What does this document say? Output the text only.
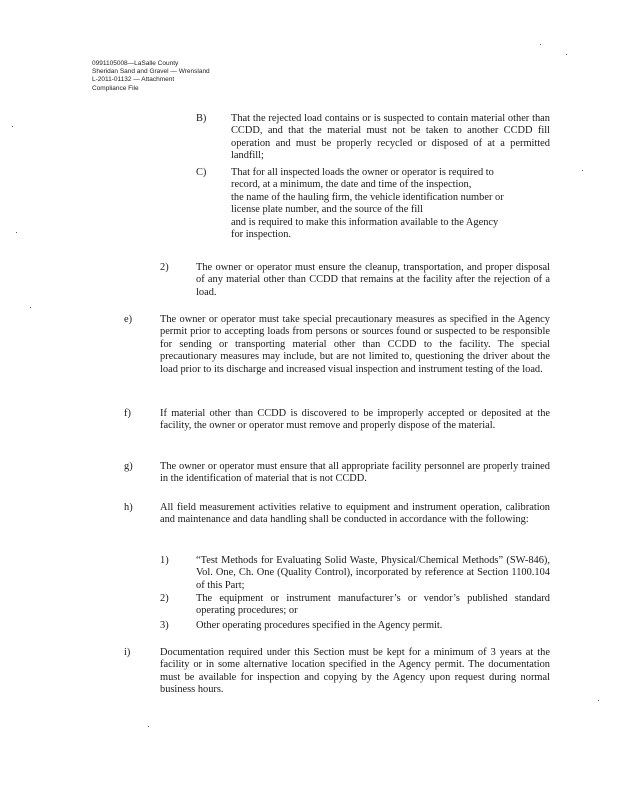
0991105008—LaSalle County
Sheridan Sand and Gravel — Wrensland
L-2011-01132 — Attachment
Compliance File
B) That the rejected load contains or is suspected to contain material other than CCDD, and that the material must not be taken to another CCDD fill operation and must be properly recycled or disposed of at a permitted landfill;
C) That for all inspected loads the owner or operator is required to
record, at a minimum, the date and time of the inspection,
the name of the hauling firm, the vehicle identification number or
license plate number, and the source of the fill
and is required to make this information available to the Agency
for inspection.
2)	The owner or operator must ensure the cleanup, transportation, and proper disposal of any material other than CCDD that remains at the facility after the rejection of a load.
e)	The owner or operator must take special precautionary measures as specified in the Agency permit prior to accepting loads from persons or sources found or suspected to be responsible for sending or transporting material other than CCDD to the facility. The special precautionary measures may include, but are not limited to, questioning the driver about the load prior to its discharge and increased visual inspection and instrument testing of the load.
f)	If material other than CCDD is discovered to be improperly accepted or deposited at the facility, the owner or operator must remove and properly dispose of the material.
g)	The owner or operator must ensure that all appropriate facility personnel are properly trained in the identification of material that is not CCDD.
h)	All field measurement activities relative to equipment and instrument operation, calibration and maintenance and data handling shall be conducted in accordance with the following:
1)	“Test Methods for Evaluating Solid Waste, Physical/Chemical Methods” (SW-846), Vol. One, Ch. One (Quality Control), incorporated by reference at Section 1100.104 of this Part;
2)	The equipment or instrument manufacturer’s or vendor’s published standard operating procedures; or
3)	Other operating procedures specified in the Agency permit.
i)	Documentation required under this Section must be kept for a minimum of 3 years at the facility or in some alternative location specified in the Agency permit. The documentation must be available for inspection and copying by the Agency upon request during normal business hours.
